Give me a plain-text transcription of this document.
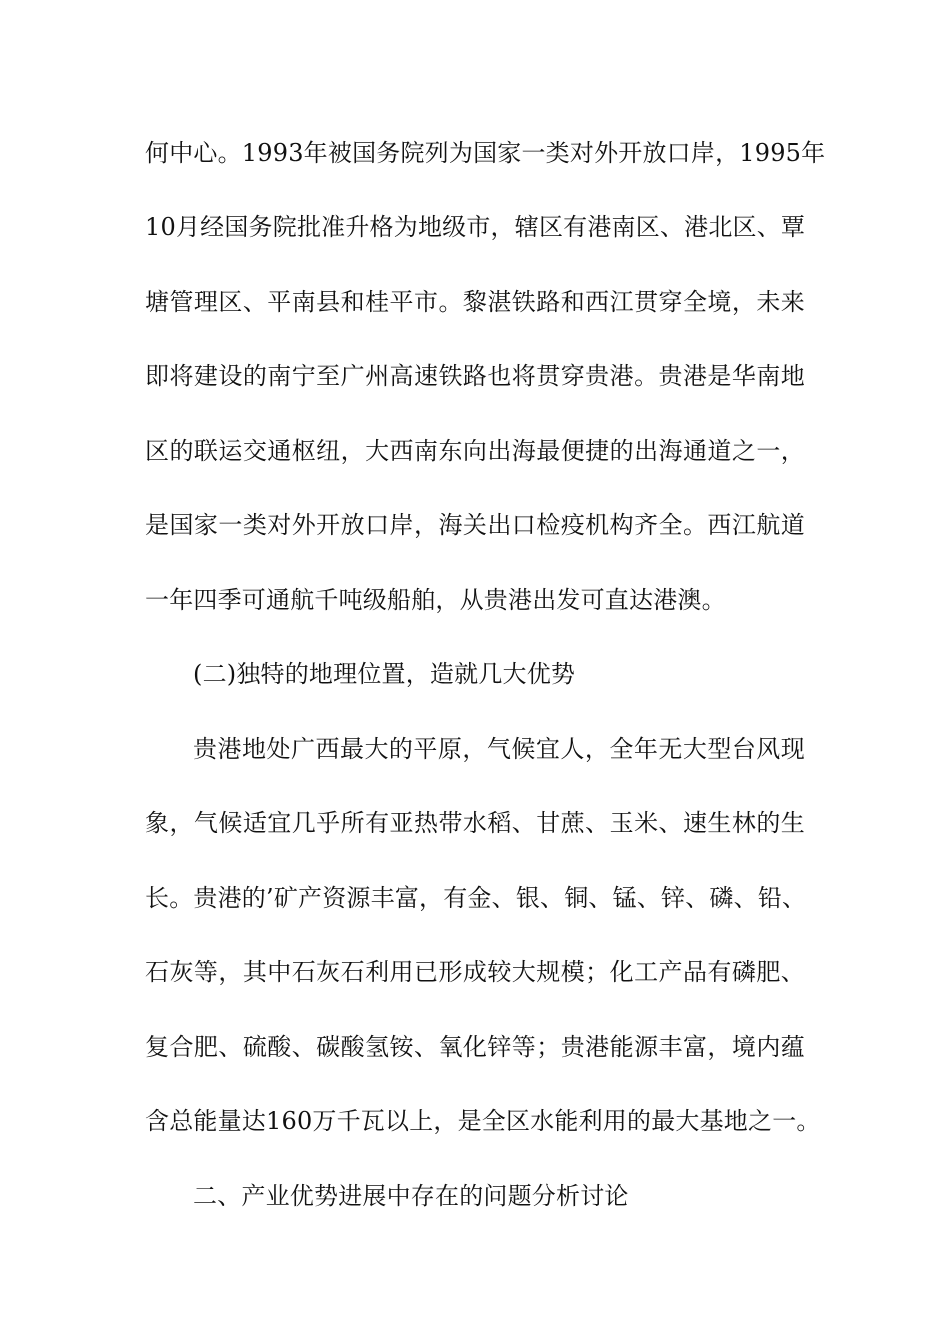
何中心。1993年被国务院列为国家一类对外开放口岸，1995年
10月经国务院批准升格为地级市，辖区有港南区、港北区、覃
塘管理区、平南县和桂平市。黎湛铁路和西江贯穿全境，未来
即将建设的南宁至广州高速铁路也将贯穿贵港。贵港是华南地
区的联运交通枢纽，大西南东向出海最便捷的出海通道之一，
是国家一类对外开放口岸，海关出口检疫机构齐全。西江航道
一年四季可通航千吨级船舶，从贵港出发可直达港澳。
(二)独特的地理位置，造就几大优势
贵港地处广西最大的平原，气候宜人，全年无大型台风现
象，气候适宜几乎所有亚热带水稻、甘蔗、玉米、速生林的生
长。贵港的’矿产资源丰富，有金、银、铜、锰、锌、磷、铅、
石灰等，其中石灰石利用已形成较大规模；化工产品有磷肥、
复合肥、硫酸、碳酸氢铵、氧化锌等；贵港能源丰富，境内蕴
含总能量达160万千瓦以上，是全区水能利用的最大基地之一。
二、产业优势进展中存在的问题分析讨论
